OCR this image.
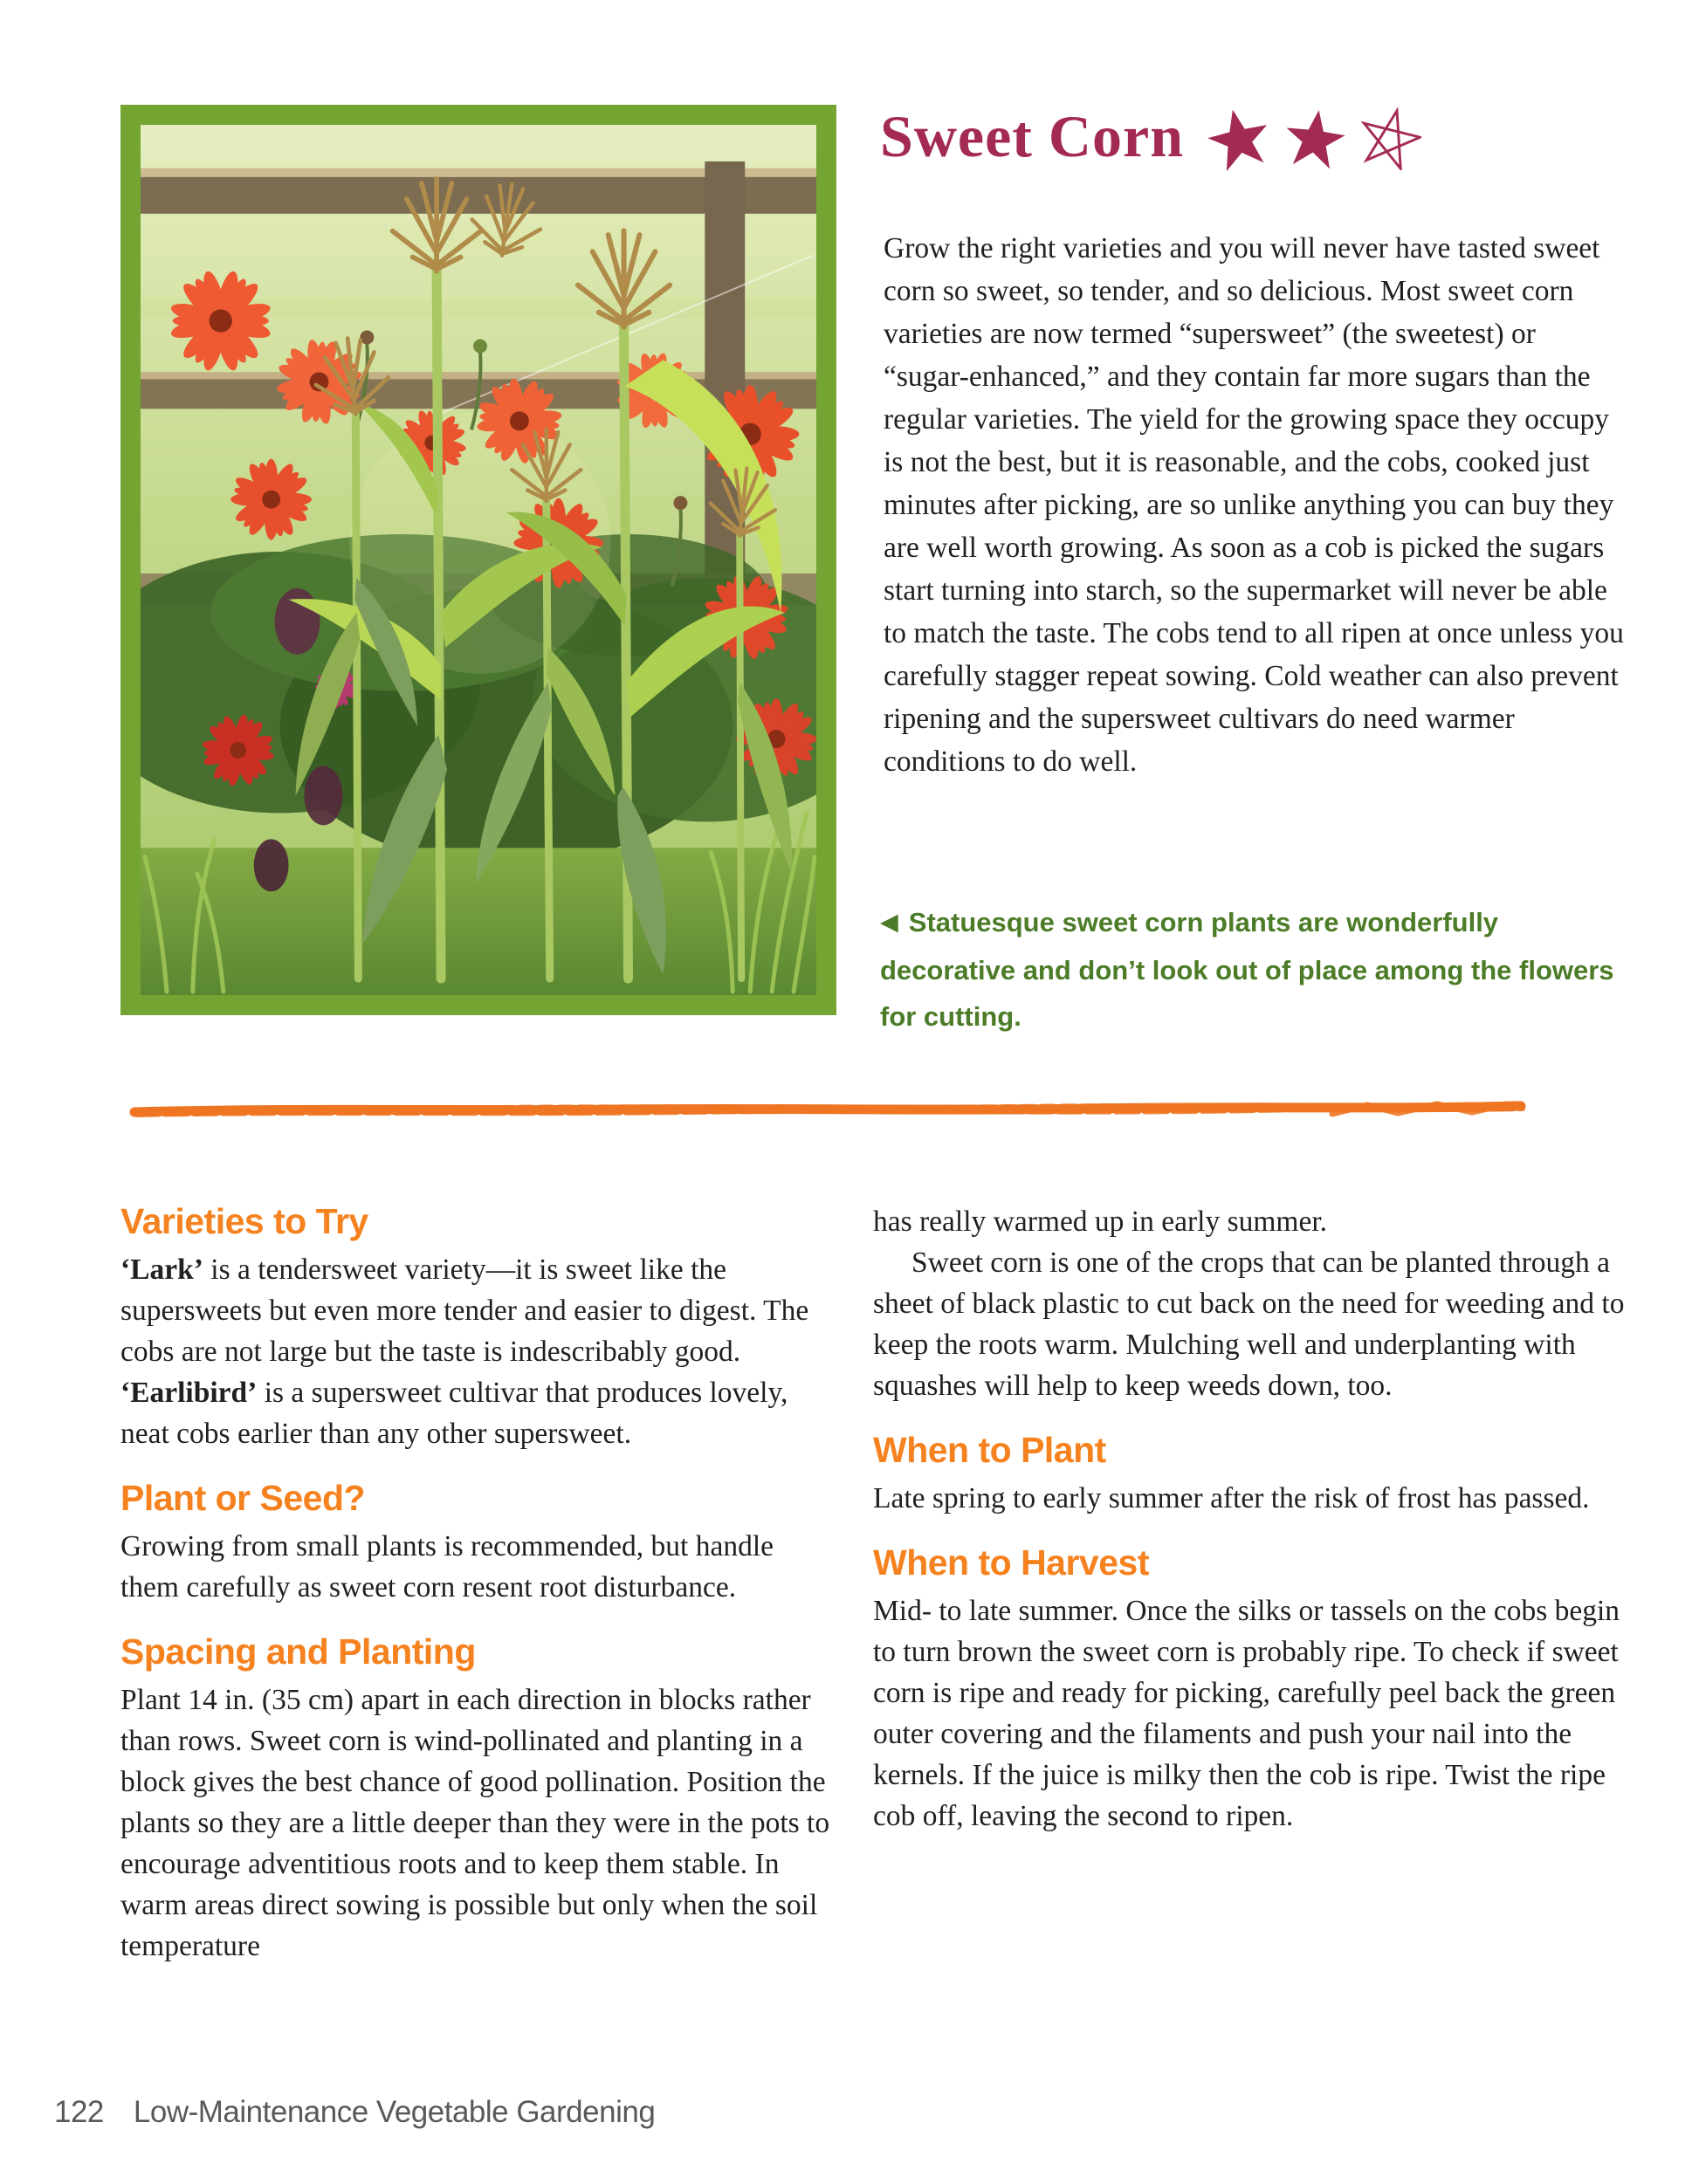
Sweet Corn

Grow the right varieties and you will never have tasted sweet corn so sweet, so tender, and so delicious. Most sweet corn varieties are now termed “supersweet” (the sweetest) or “sugar-enhanced,” and they contain far more sugars than the regular varieties. The yield for the growing space they occupy is not the best, but it is reasonable, and the cobs, cooked just minutes after picking, are so unlike anything you can buy they are well worth growing. As soon as a cob is picked the sugars start turning into starch, so the supermarket will never be able to match the taste. The cobs tend to all ripen at once unless you carefully stagger repeat sowing. Cold weather can also prevent ripening and the supersweet cultivars do need warmer conditions to do well.

◀ Statuesque sweet corn plants are wonderfully decorative and don’t look out of place among the flowers for cutting.

Varieties to Try

‘Lark’ is a tendersweet variety—it is sweet like the supersweets but even more tender and easier to digest. The cobs are not large but the taste is indescribably good. ‘Earlibird’ is a supersweet cultivar that produces lovely, neat cobs earlier than any other supersweet.

Plant or Seed?

Growing from small plants is recommended, but handle them carefully as sweet corn resent root disturbance.

Spacing and Planting

Plant 14 in. (35 cm) apart in each direction in blocks rather than rows. Sweet corn is wind-pollinated and planting in a block gives the best chance of good pollination. Position the plants so they are a little deeper than they were in the pots to encourage adventitious roots and to keep them stable. In warm areas direct sowing is possible but only when the soil temperature

has really warmed up in early summer.

Sweet corn is one of the crops that can be planted through a sheet of black plastic to cut back on the need for weeding and to keep the roots warm. Mulching well and underplanting with squashes will help to keep weeds down, too.

When to Plant

Late spring to early summer after the risk of frost has passed.

When to Harvest

Mid- to late summer. Once the silks or tassels on the cobs begin to turn brown the sweet corn is probably ripe. To check if sweet corn is ripe and ready for picking, carefully peel back the green outer covering and the filaments and push your nail into the kernels. If the juice is milky then the cob is ripe. Twist the ripe cob off, leaving the second to ripen.

122 Low-Maintenance Vegetable Gardening
